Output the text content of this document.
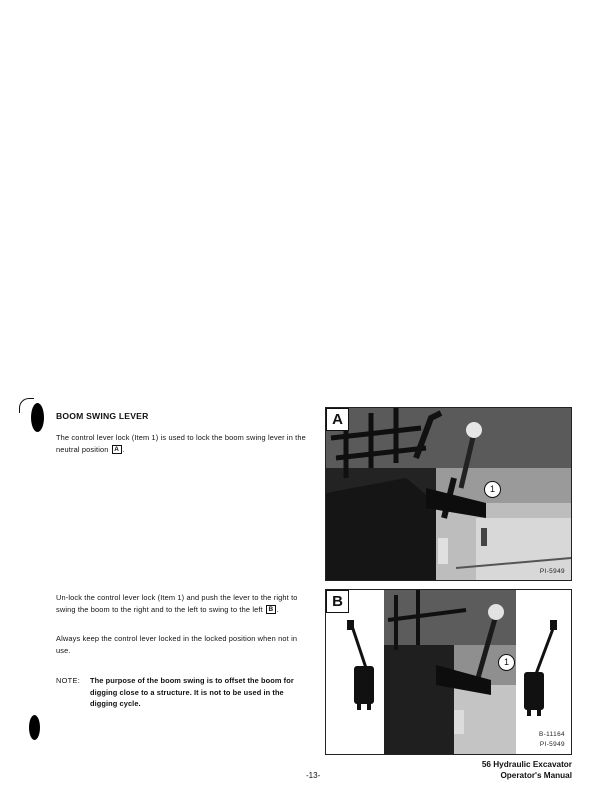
BOOM SWING LEVER

The control lever lock (Item 1) is used to lock the boom swing lever in the neutral position A .

Un-lock the control lever lock (Item 1) and push the lever to the right to swing the boom to the right and to the left to swing to the left B .

Always keep the control lever locked in the locked position when not in use.

NOTE: The purpose of the boom swing is to offset the boom for digging close to a structure. It is not to be used in the digging cycle.
A
1
PI-5949
B
1
B-11164
PI-5949
56 Hydraulic Excavator
Operator's Manual
-13-
